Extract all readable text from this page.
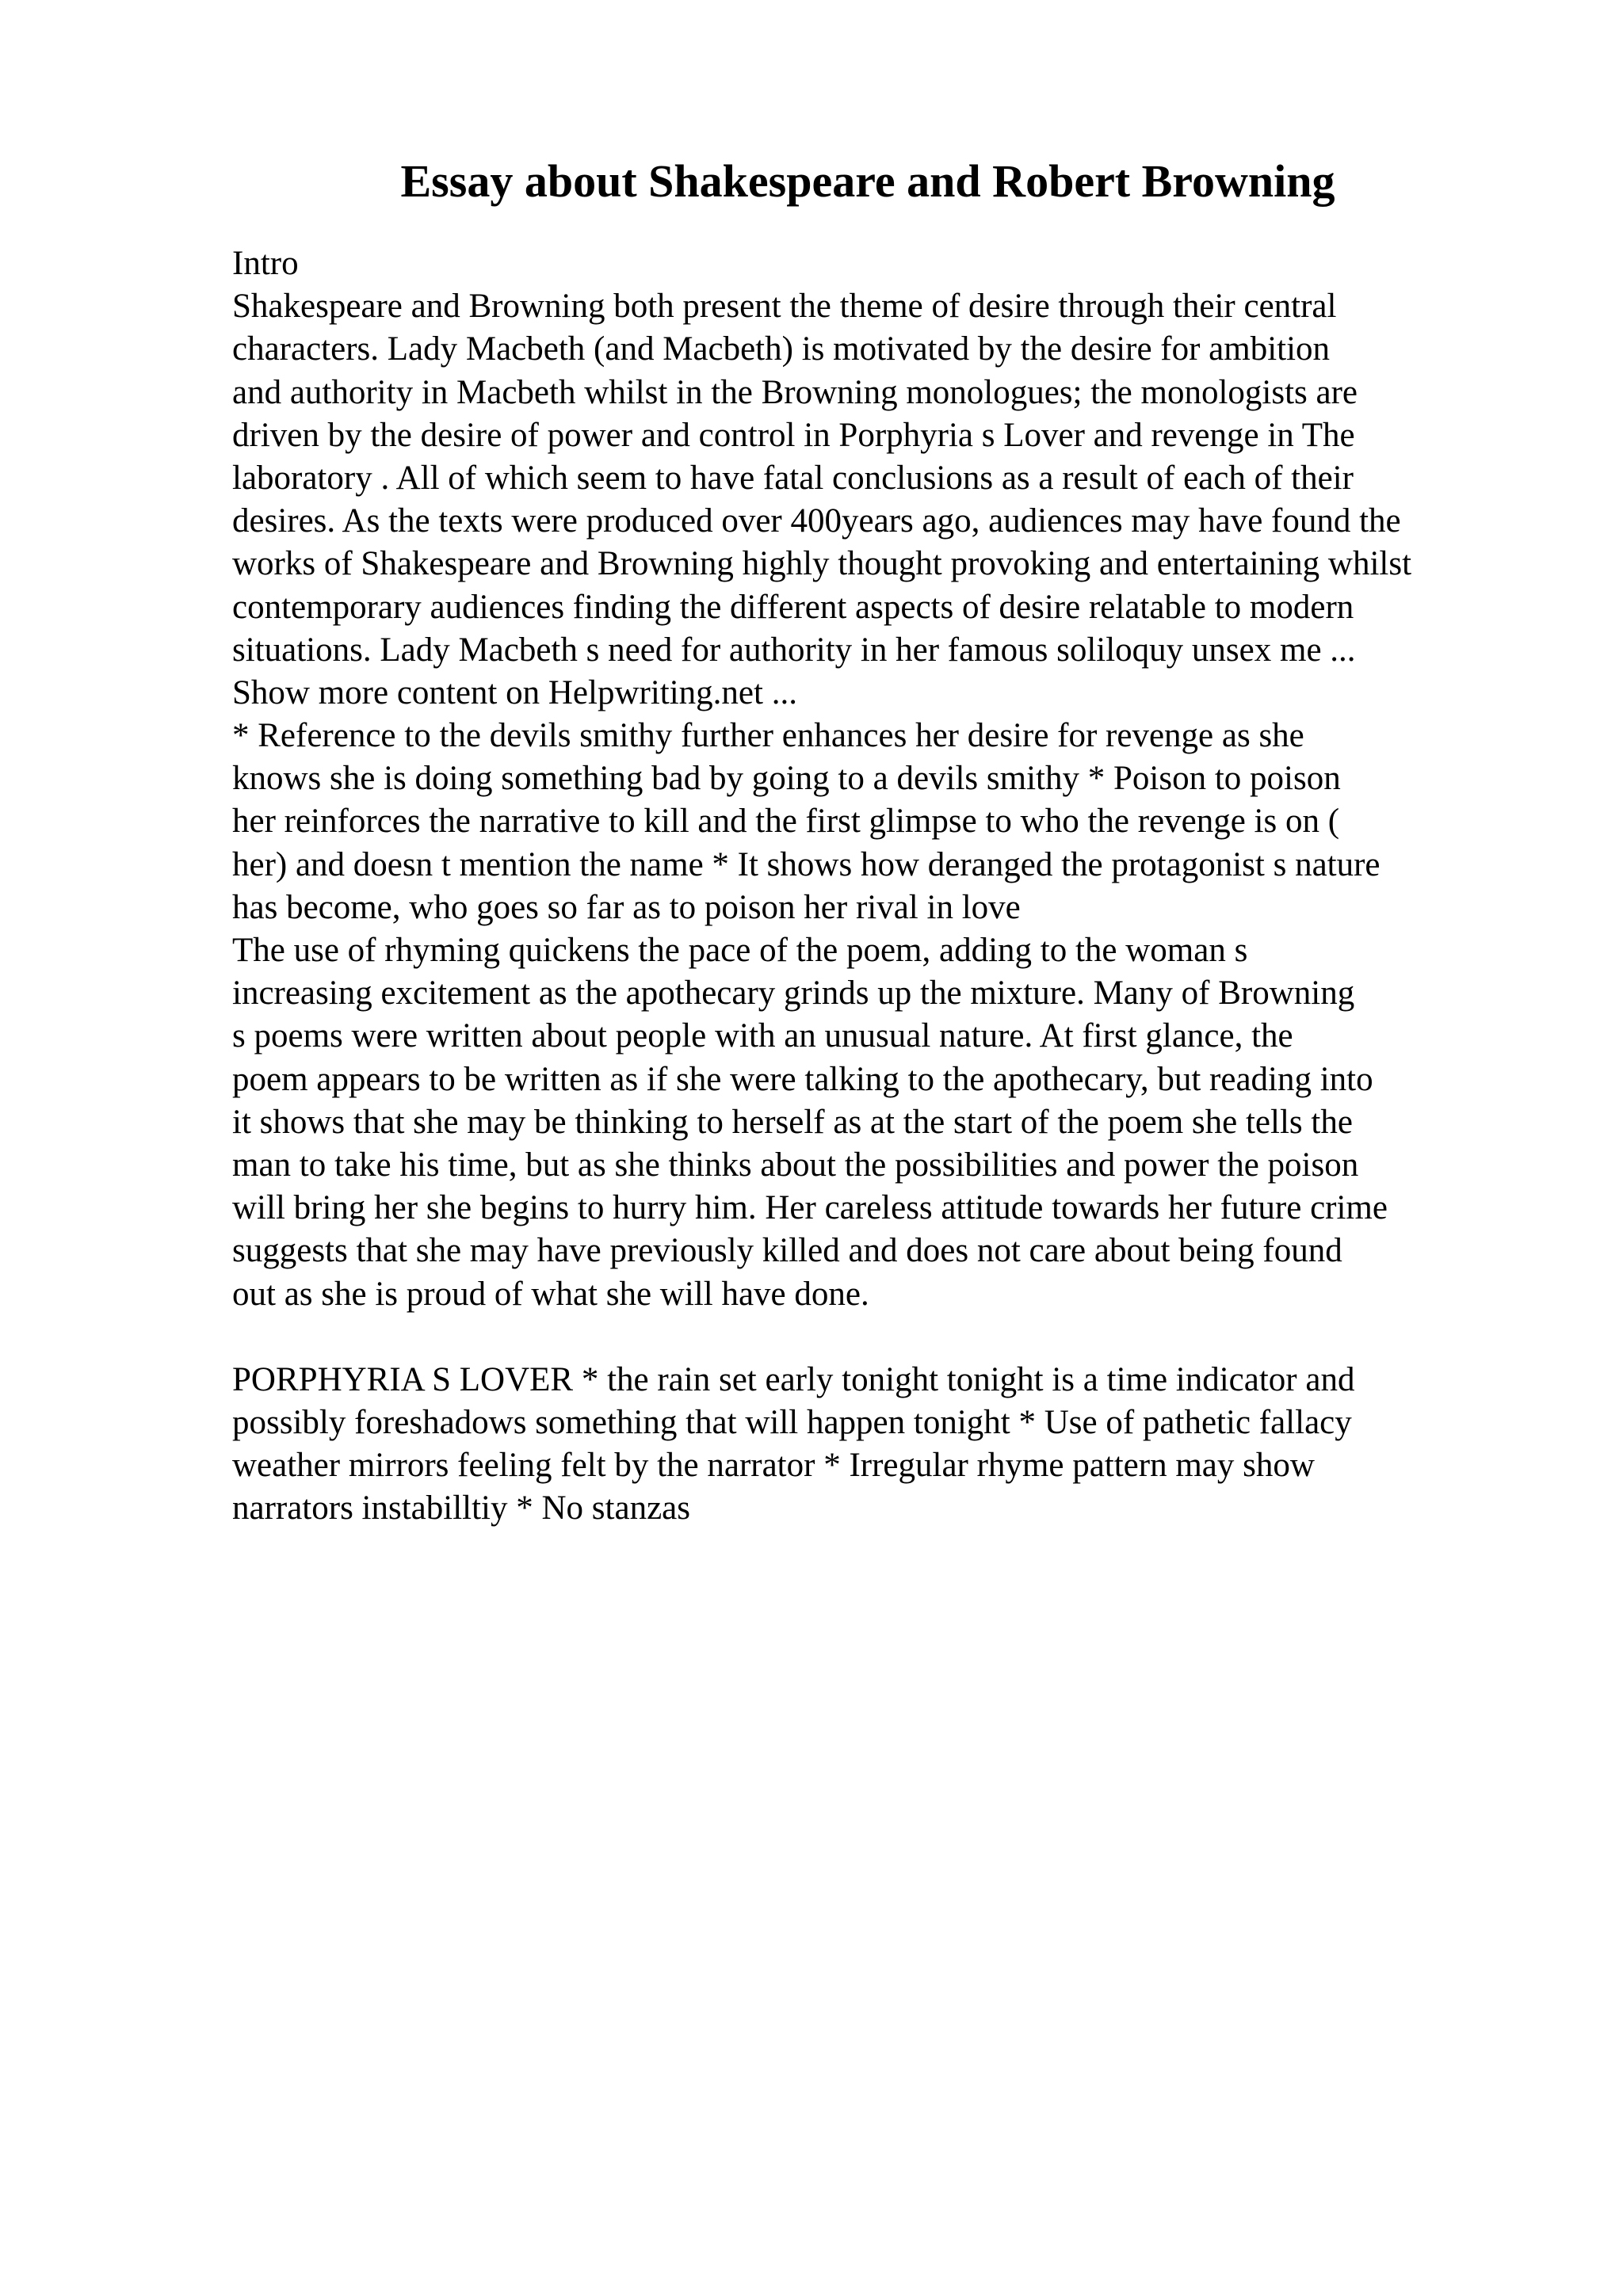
Essay about Shakespeare and Robert Browning
Intro
Shakespeare and Browning both present the theme of desire through their central
characters. Lady Macbeth (and Macbeth) is motivated by the desire for ambition
and authority in Macbeth whilst in the Browning monologues; the monologists are
driven by the desire of power and control in Porphyria s Lover and revenge in The
laboratory . All of which seem to have fatal conclusions as a result of each of their
desires. As the texts were produced over 400years ago, audiences may have found the
works of Shakespeare and Browning highly thought provoking and entertaining whilst
contemporary audiences finding the different aspects of desire relatable to modern
situations. Lady Macbeth s need for authority in her famous soliloquy unsex me ...
Show more content on Helpwriting.net ...
* Reference to the devils smithy further enhances her desire for revenge as she
knows she is doing something bad by going to a devils smithy * Poison to poison
her reinforces the narrative to kill and the first glimpse to who the revenge is on (
her) and doesn t mention the name * It shows how deranged the protagonist s nature
has become, who goes so far as to poison her rival in love
The use of rhyming quickens the pace of the poem, adding to the woman s
increasing excitement as the apothecary grinds up the mixture. Many of Browning
s poems were written about people with an unusual nature. At first glance, the
poem appears to be written as if she were talking to the apothecary, but reading into
it shows that she may be thinking to herself as at the start of the poem she tells the
man to take his time, but as she thinks about the possibilities and power the poison
will bring her she begins to hurry him. Her careless attitude towards her future crime
suggests that she may have previously killed and does not care about being found
out as she is proud of what she will have done.
PORPHYRIA S LOVER * the rain set early tonight tonight is a time indicator and
possibly foreshadows something that will happen tonight * Use of pathetic fallacy
weather mirrors feeling felt by the narrator * Irregular rhyme pattern may show
narrators instabilltiy * No stanzas
